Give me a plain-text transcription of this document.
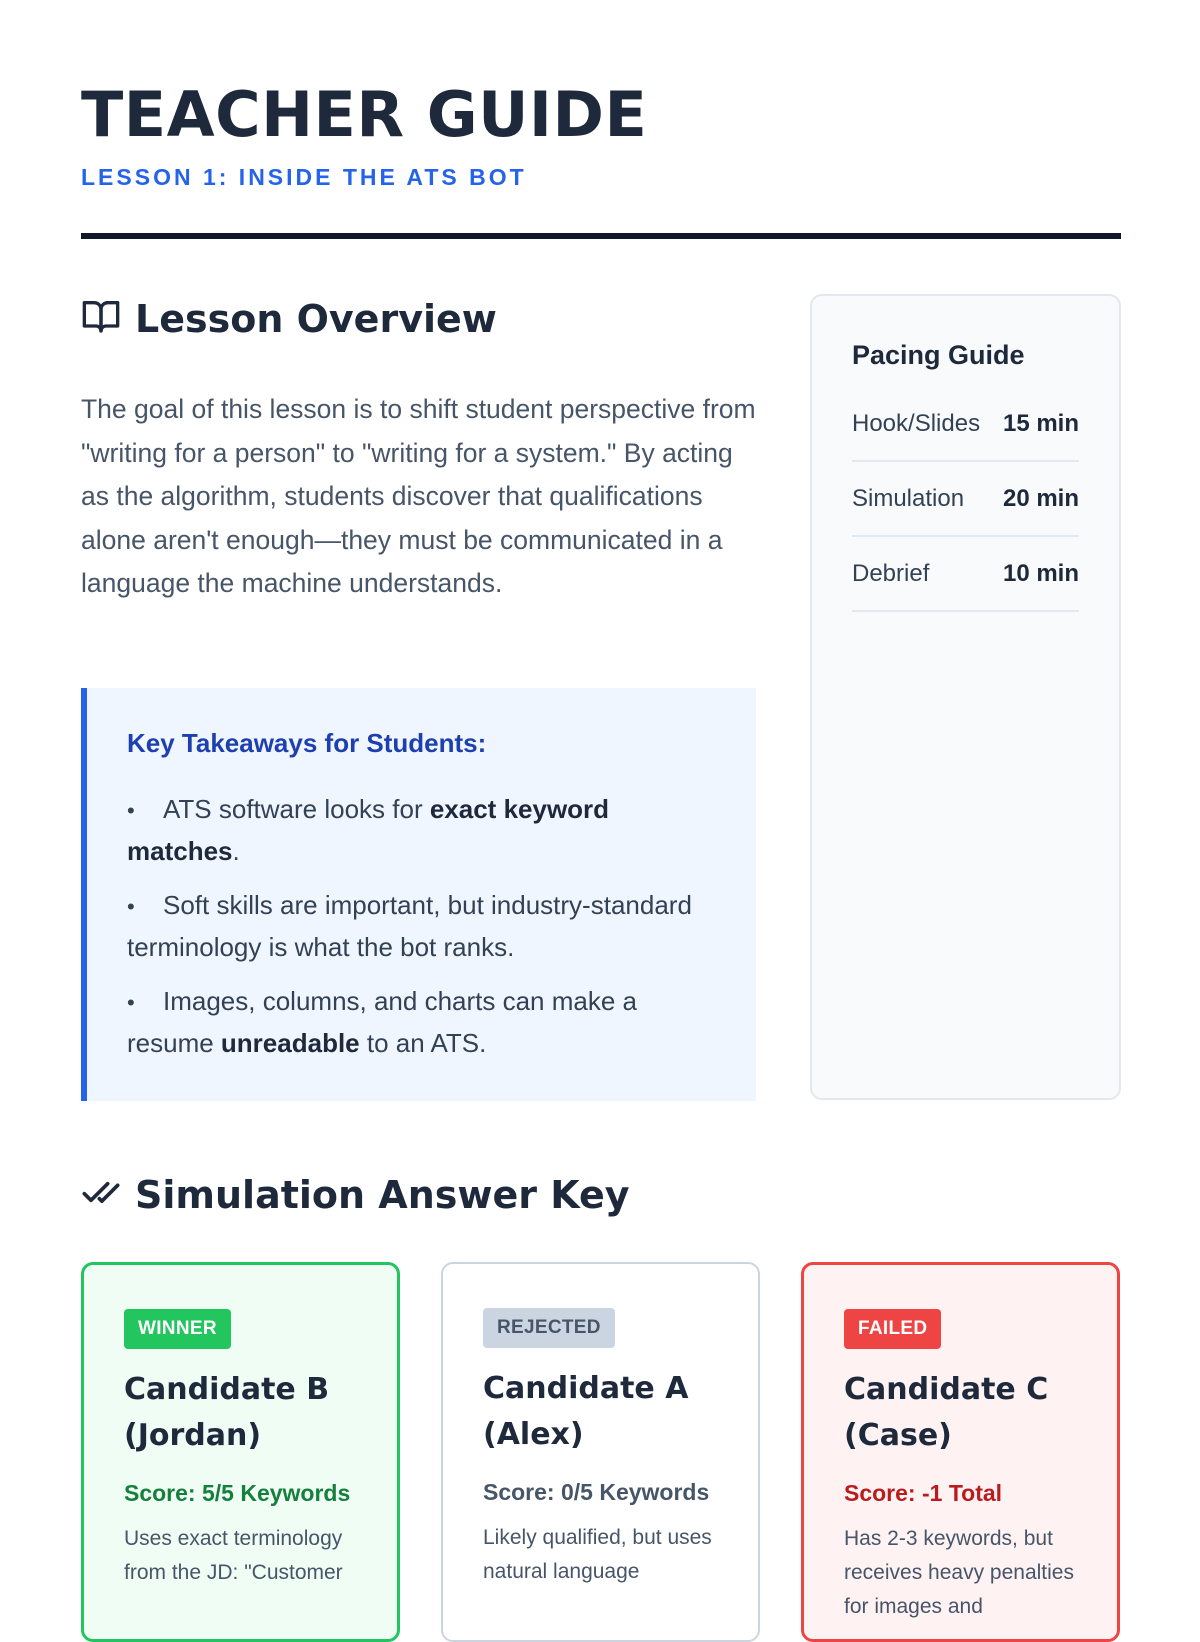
TEACHER GUIDE
LESSON 1: INSIDE THE ATS BOT
Lesson Overview

The goal of this lesson is to shift student perspective from "writing for a person" to "writing for a system." By acting as the algorithm, students discover that qualifications alone aren't enough—they must be communicated in a language the machine understands.

Key Takeaways for Students:
• ATS software looks for exact keyword matches.
• Soft skills are important, but industry-standard terminology is what the bot ranks.
• Images, columns, and charts can make a resume unreadable to an ATS.
Pacing Guide
Hook/Slides 15 min
Simulation 20 min
Debrief	10 min
Simulation Answer Key
WINNER
Candidate B (Jordan)
Score: 5/5 Keywords

Uses exact terminology from the JD: "Customer

REJECTED
Candidate A (Alex)
Score: 0/5 Keywords

Likely qualified, but uses natural language

FAILED
Candidate C (Case)
Score: -1 Total

Has 2-3 keywords, but receives heavy penalties for images and
